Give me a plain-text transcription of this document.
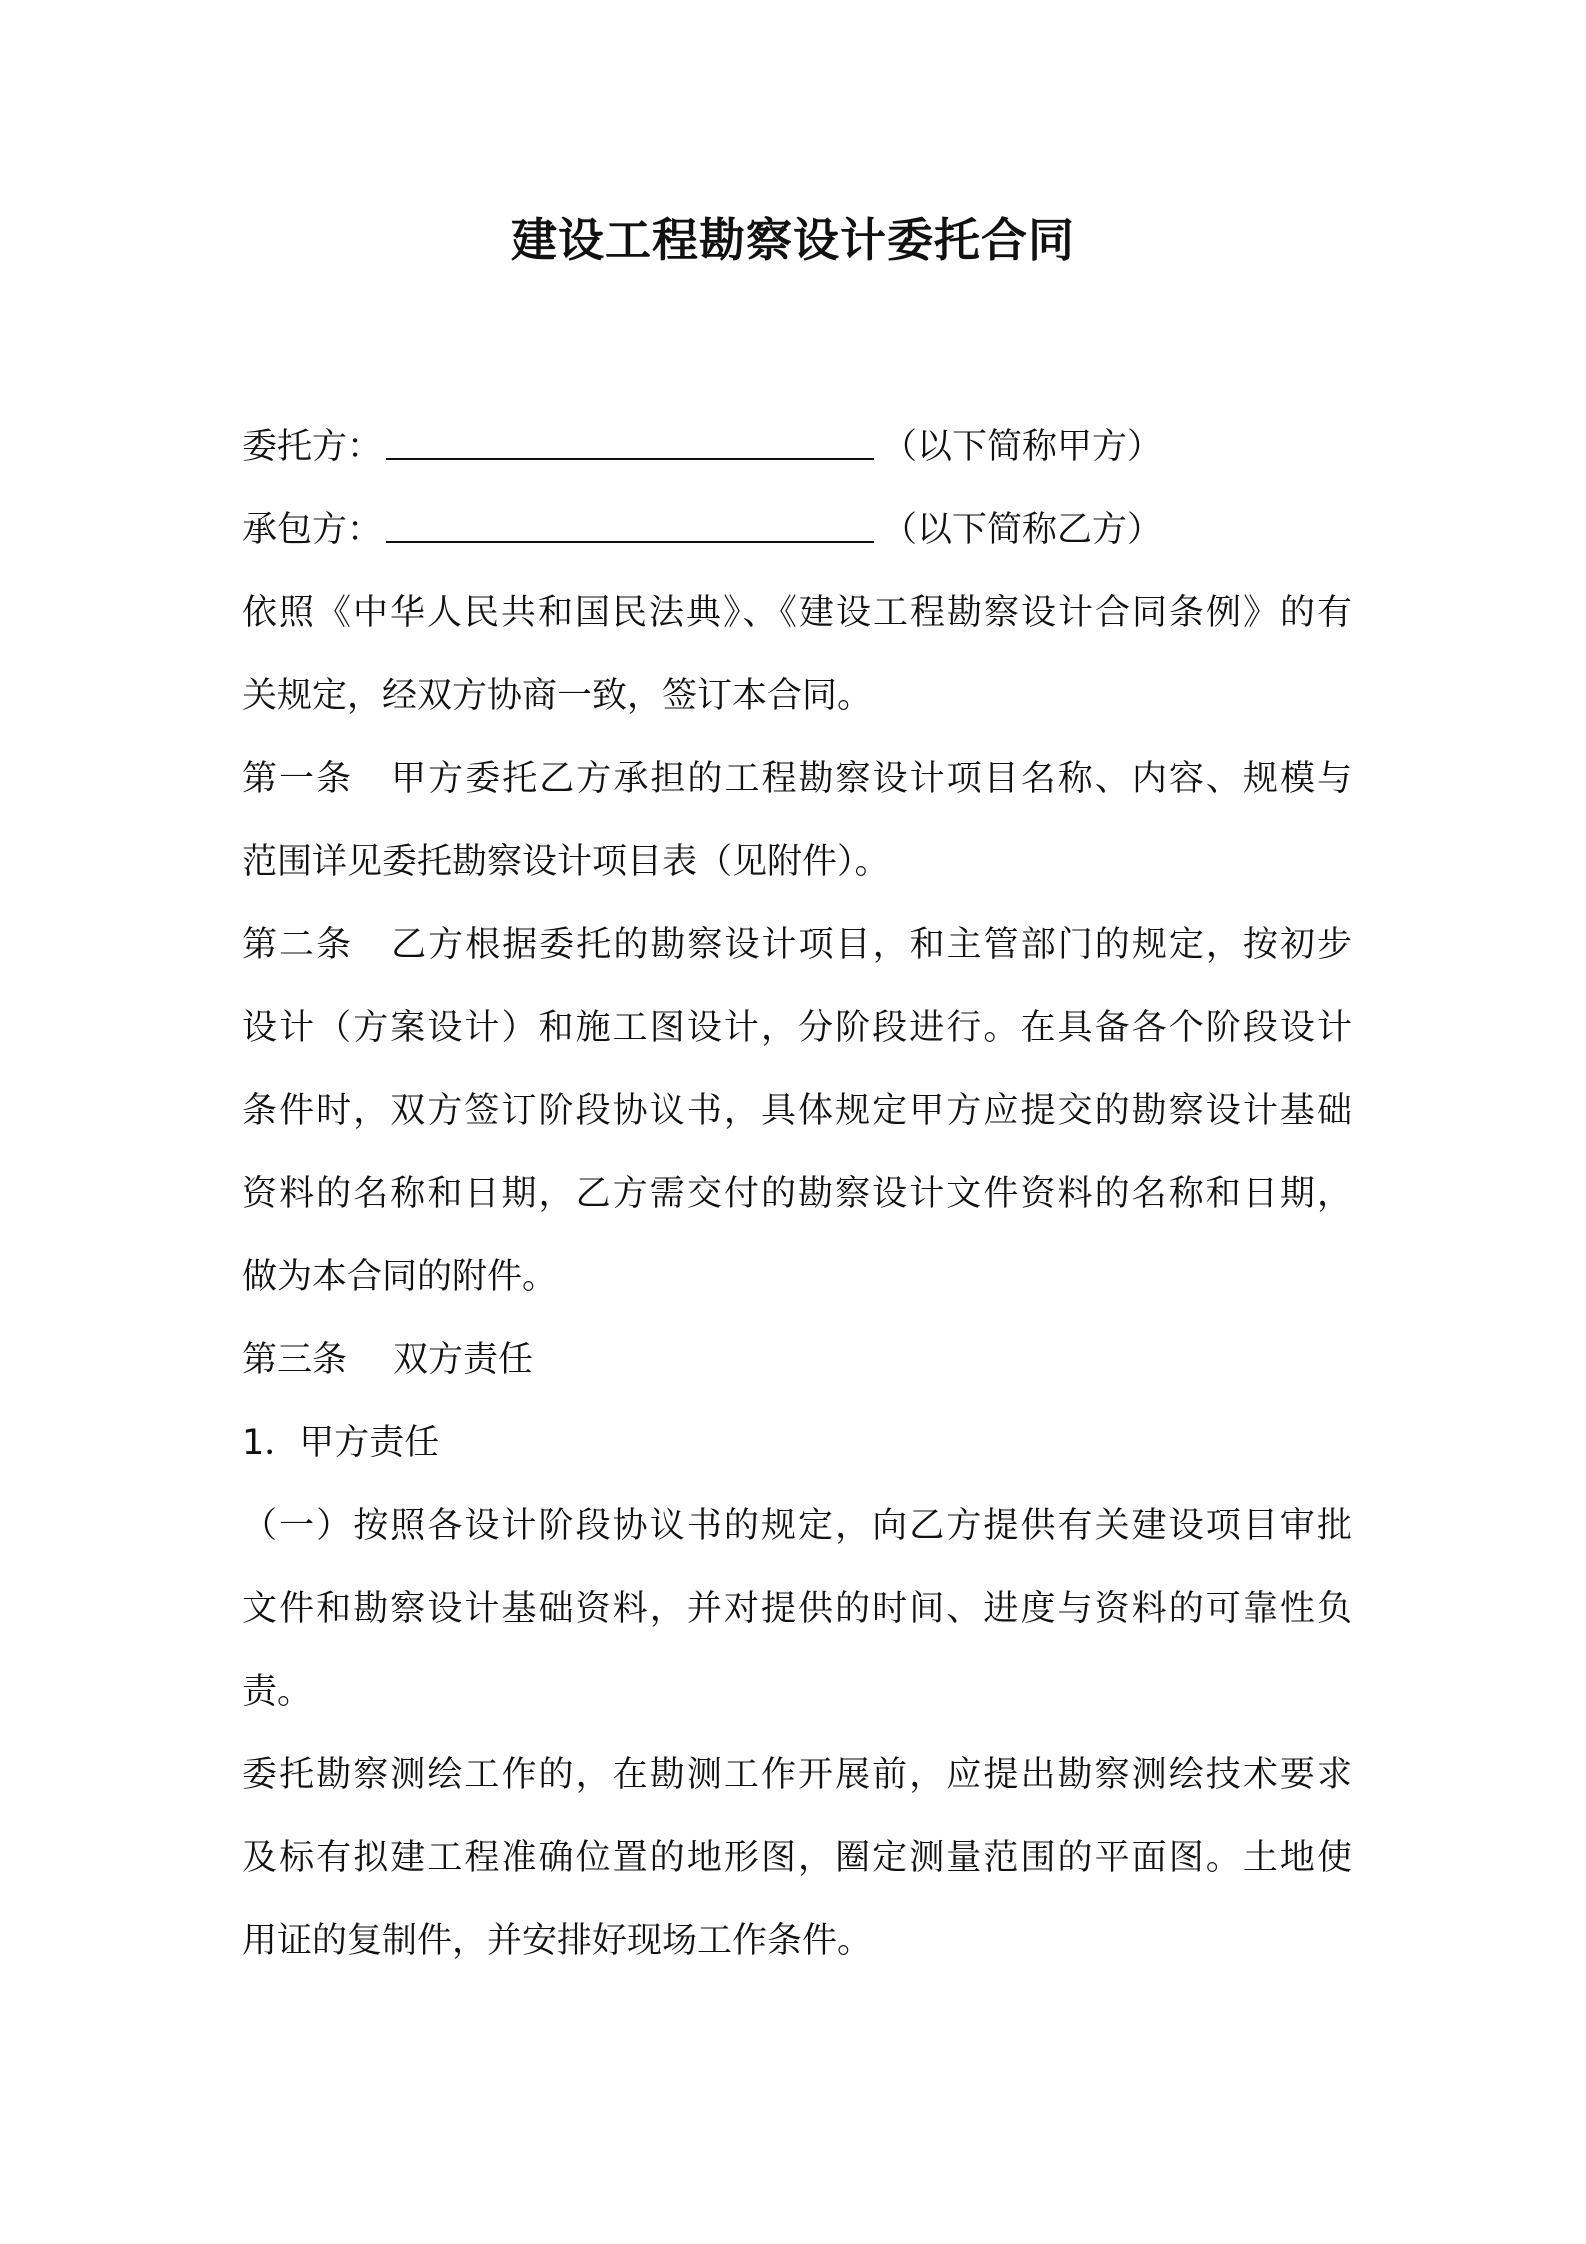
建设工程勘察设计委托合同
委托方：	（以下简称甲方）
承包方：	（以下简称乙方）
依照《中华人民共和国民法典》、《建设工程勘察设计合同条例》的有
关规定，经双方协商一致，签订本合同。
第一条 甲方委托乙方承担的工程勘察设计项目名称、内容、规模与
范围详见委托勘察设计项目表（见附件）。
第二条 乙方根据委托的勘察设计项目，和主管部门的规定，按初步
设计（方案设计）和施工图设计，分阶段进行。在具备各个阶段设计
条件时，双方签订阶段协议书，具体规定甲方应提交的勘察设计基础
资料的名称和日期，乙方需交付的勘察设计文件资料的名称和日期，
做为本合同的附件。
第三条 双方责任
1．甲方责任
（一）按照各设计阶段协议书的规定，向乙方提供有关建设项目审批
文件和勘察设计基础资料，并对提供的时间、进度与资料的可靠性负
责。
委托勘察测绘工作的，在勘测工作开展前，应提出勘察测绘技术要求
及标有拟建工程准确位置的地形图，圈定测量范围的平面图。土地使
用证的复制件，并安排好现场工作条件。
